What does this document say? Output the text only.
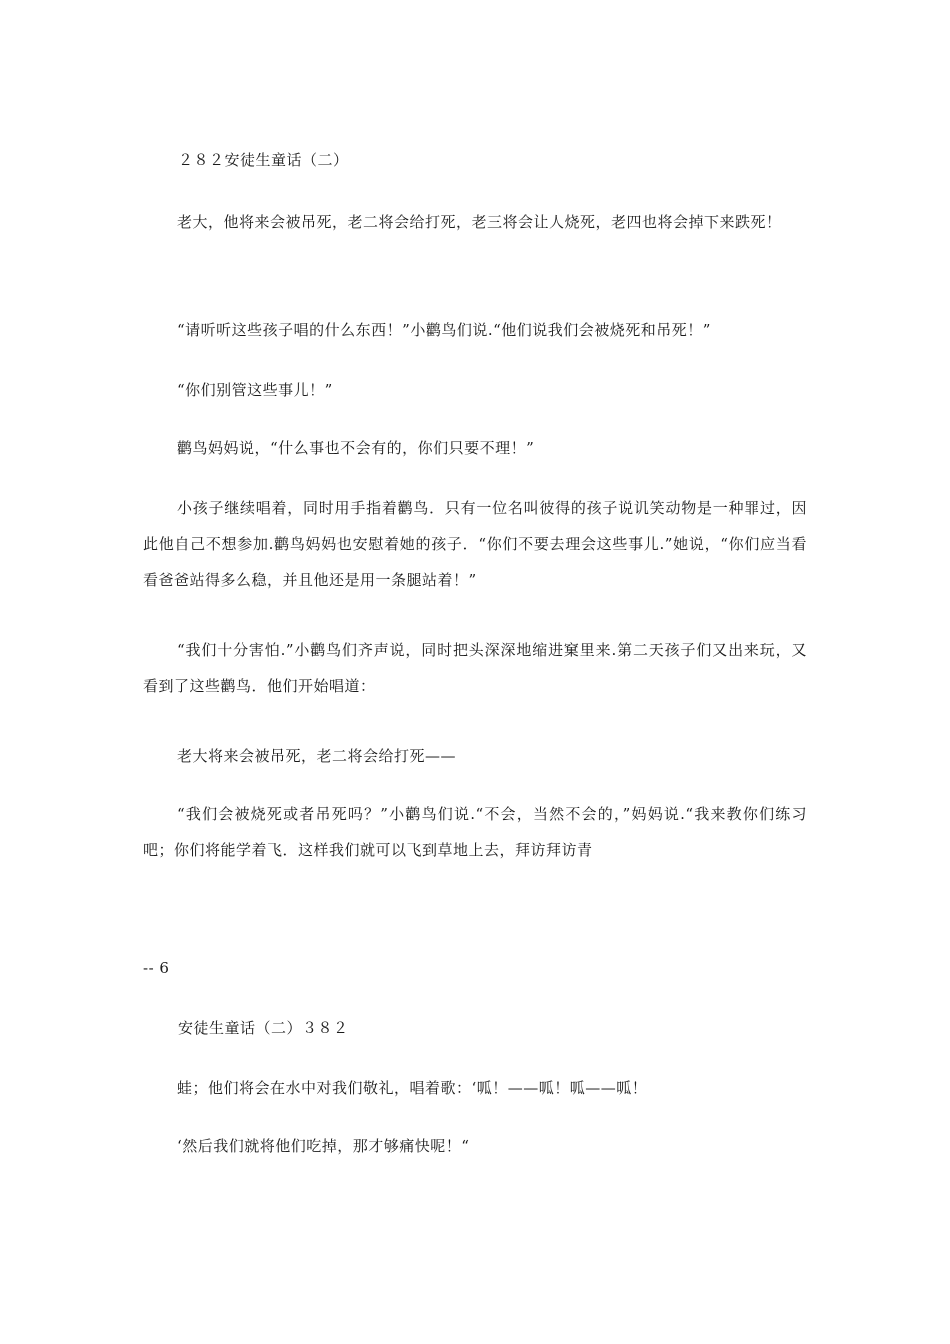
２８２安徒生童话（二）
老大，他将来会被吊死，老二将会给打死，老三将会让人烧死，老四也将会掉下来跌死！
“请听听这些孩子唱的什么东西！”小鹳鸟们说.“他们说我们会被烧死和吊死！”
“你们别管这些事儿！”
鹳鸟妈妈说，“什么事也不会有的，你们只要不理！”
小孩子继续唱着，同时用手指着鹳鸟．只有一位名叫彼得的孩子说讥笑动物是一种罪过，因此他自己不想参加.鹳鸟妈妈也安慰着她的孩子．“你们不要去理会这些事儿.”她说，“你们应当看看爸爸站得多么稳，并且他还是用一条腿站着！”
“我们十分害怕.”小鹳鸟们齐声说，同时把头深深地缩进窠里来.第二天孩子们又出来玩，又看到了这些鹳鸟．他们开始唱道：
老大将来会被吊死，老二将会给打死——
“我们会被烧死或者吊死吗？”小鹳鸟们说.“不会，当然不会的，”妈妈说.“我来教你们练习吧；你们将能学着飞．这样我们就可以飞到草地上去，拜访拜访青
-- 6
安徒生童话（二）３８２
蛙；他们将会在水中对我们敬礼，唱着歌：‘呱！——呱！呱——呱！
‘然后我们就将他们吃掉，那才够痛快呢！“
